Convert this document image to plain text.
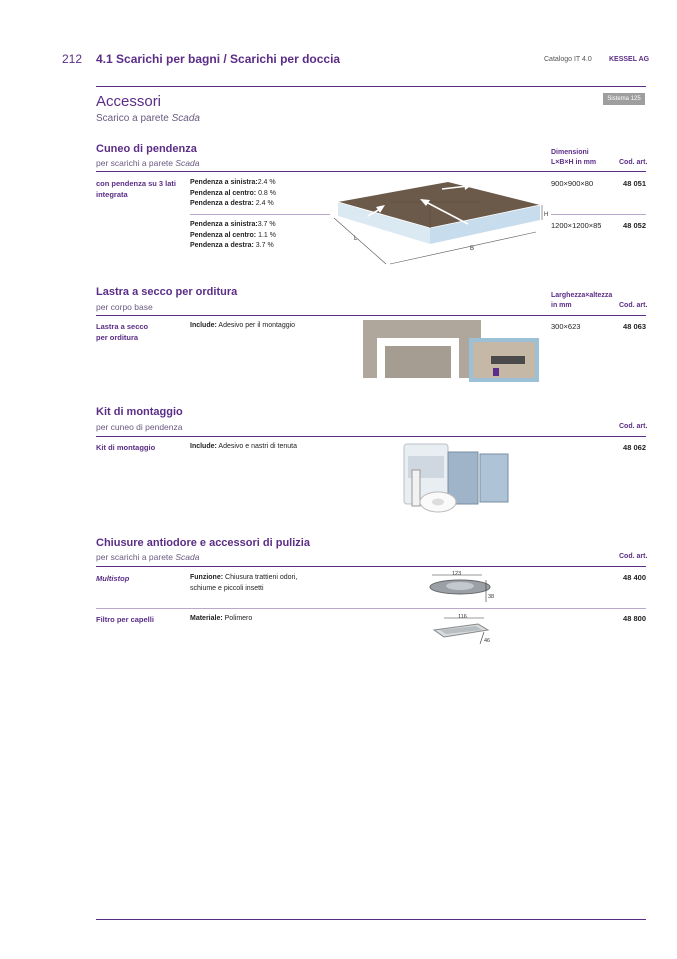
212 4.1 Scarichi per bagni / Scarichi per doccia	Catalogo IT 4.0 KESSEL AG
Accessori
Scarico a parete Scada
Sistema 125
Cuneo di pendenza
per scarichi a parete Scada
Dimensioni
L×B×H in mm	Cod. art.
con pendenza su 3 lati
integrata
Pendenza a sinistra:2.4 %
Pendenza al centro: 0.8 %
Pendenza a destra: 2.4 %
900×900×80	48 051
Pendenza a sinistra:3.7 %
Pendenza al centro: 1.1 %
Pendenza a destra: 3.7 %
1200×1200×85	48 052
H
L
B
Lastra a secco per orditura
per corpo base
Larghezza×altezza
in mm	Cod. art.
Lastra a secco
per orditura
Include: Adesivo per il montaggio	300×623	48 063
Kit di montaggio
per cuneo di pendenza	Cod. art.
Kit di montaggio	Include: Adesivo e nastri di tenuta	48 062
Chiusure antiodore e accessori di pulizia
per scarichi a parete Scada	Cod. art.
Multistop	Funzione: Chiusura trattieni odori,
schiume e piccoli insetti
48 400
123
38
Filtro per capelli	Materiale: Polimero	48 800
116
46
